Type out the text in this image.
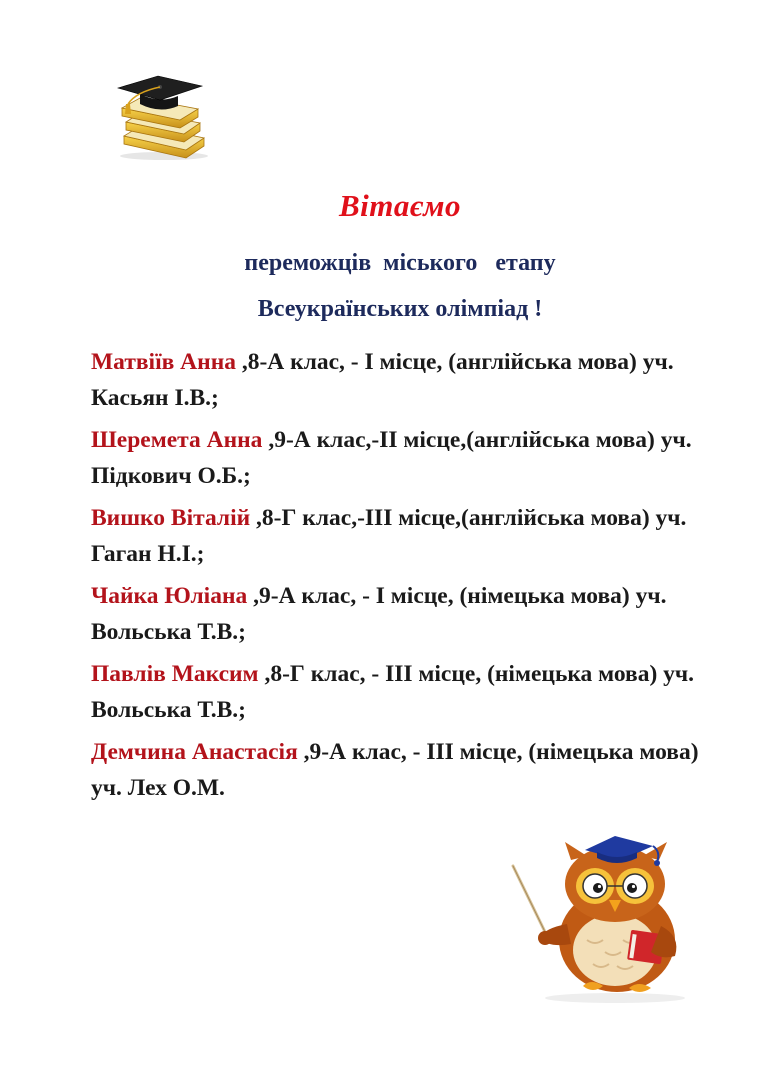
Вітаємо
переможців  міського   етапу
Всеукраїнських олімпіад !

Матвіїв Анна ,8-А клас, - І місце, (англійська мова) уч. Касьян І.В.;

Шеремета Анна ,9-А клас,-ІІ місце,(англійська мова) уч. Підкович О.Б.;

Вишко Віталій ,8-Г клас,-ІІІ місце,(англійська мова) уч. Гаган Н.І.;

Чайка Юліана ,9-А клас, - І місце, (німецька мова) уч. Вольська Т.В.;

Павлів Максим ,8-Г клас, - ІІІ місце, (німецька мова) уч. Вольська Т.В.;

Демчина Анастасія ,9-А клас, - ІІІ місце, (німецька мова) уч. Лех О.М.
